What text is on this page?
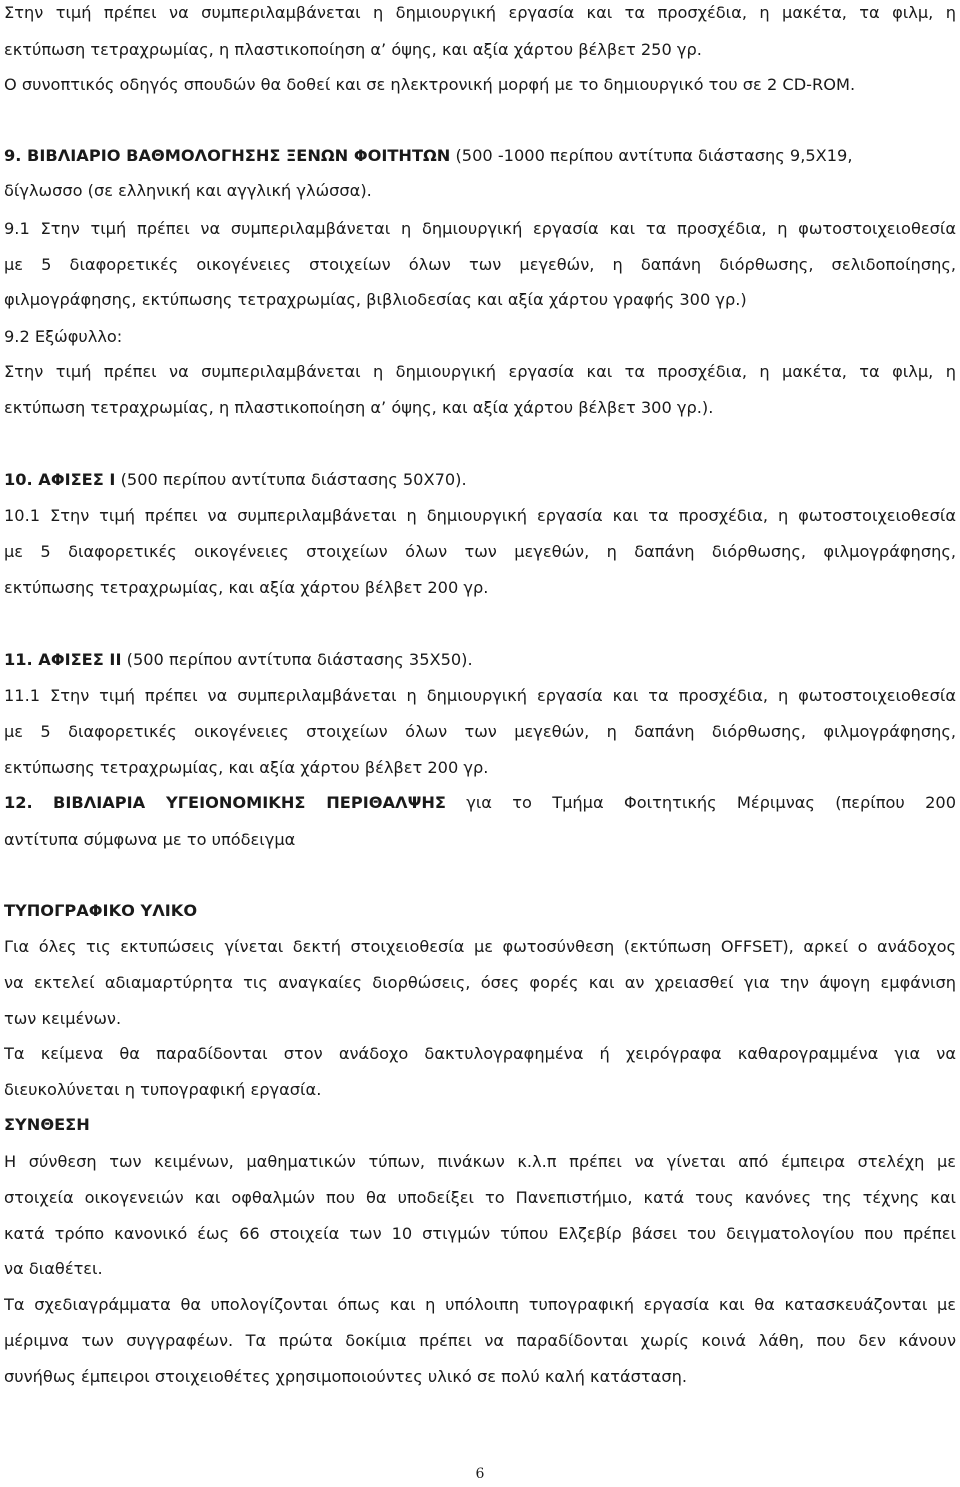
Στην τιμή πρέπει να συμπεριλαμβάνεται η δημιουργική εργασία και τα προσχέδια, η μακέτα, τα φιλμ, η
εκτύπωση τετραχρωμίας, η πλαστικοποίηση α’ όψης, και αξία χάρτου βέλβετ 250 γρ.
Ο συνοπτικός οδηγός σπουδών θα δοθεί και σε ηλεκτρονική μορφή με το δημιουργικό του σε 2 CD-ROM.
9. ΒΙΒΛΙΑΡΙΟ ΒΑΘΜΟΛΟΓΗΣΗΣ ΞΕΝΩΝ ΦΟΙΤΗΤΩΝ (500 -1000 περίπου αντίτυπα διάστασης 9,5Χ19,
δίγλωσσο (σε ελληνική και αγγλική γλώσσα).
9.1 Στην τιμή πρέπει να συμπεριλαμβάνεται η δημιουργική εργασία και τα προσχέδια, η φωτοστοιχειοθεσία
με 5 διαφορετικές οικογένειες στοιχείων όλων των μεγεθών, η δαπάνη διόρθωσης, σελιδοποίησης,
φιλμογράφησης, εκτύπωσης τετραχρωμίας, βιβλιοδεσίας και αξία χάρτου γραφής 300 γρ.)
9.2 Εξώφυλλο:
Στην τιμή πρέπει να συμπεριλαμβάνεται η δημιουργική εργασία και τα προσχέδια, η μακέτα, τα φιλμ, η
εκτύπωση τετραχρωμίας, η πλαστικοποίηση α’ όψης, και αξία χάρτου βέλβετ 300 γρ.).
10. ΑΦΙΣΕΣ Ι (500 περίπου αντίτυπα διάστασης 50Χ70).
10.1 Στην τιμή πρέπει να συμπεριλαμβάνεται η δημιουργική εργασία και τα προσχέδια, η φωτοστοιχειοθεσία
με 5 διαφορετικές οικογένειες στοιχείων όλων των μεγεθών, η δαπάνη διόρθωσης, φιλμογράφησης,
εκτύπωσης τετραχρωμίας, και αξία χάρτου βέλβετ 200 γρ.
11. ΑΦΙΣΕΣ ΙΙ (500 περίπου αντίτυπα διάστασης 35Χ50).
11.1 Στην τιμή πρέπει να συμπεριλαμβάνεται η δημιουργική εργασία και τα προσχέδια, η φωτοστοιχειοθεσία
με 5 διαφορετικές οικογένειες στοιχείων όλων των μεγεθών, η δαπάνη διόρθωσης, φιλμογράφησης,
εκτύπωσης τετραχρωμίας, και αξία χάρτου βέλβετ 200 γρ.
12. ΒΙΒΛΙΑΡΙΑ ΥΓΕΙΟΝΟΜΙΚΗΣ ΠΕΡΙΘΑΛΨΗΣ για το Τμήμα Φοιτητικής Μέριμνας (περίπου 200
αντίτυπα σύμφωνα με το υπόδειγμα
ΤΥΠΟΓΡΑΦΙΚΟ ΥΛΙΚΟ
Για όλες τις εκτυπώσεις γίνεται δεκτή στοιχειοθεσία με φωτοσύνθεση (εκτύπωση OFFSET), αρκεί ο ανάδοχος
να εκτελεί αδιαμαρτύρητα τις αναγκαίες διορθώσεις, όσες φορές και αν χρειασθεί για την άψογη εμφάνιση
των κειμένων.
Τα κείμενα θα παραδίδονται στον ανάδοχο δακτυλογραφημένα ή χειρόγραφα καθαρογραμμένα για να
διευκολύνεται η τυπογραφική εργασία.
ΣΥΝΘΕΣΗ
Η σύνθεση των κειμένων, μαθηματικών τύπων, πινάκων κ.λ.π πρέπει να γίνεται από έμπειρα στελέχη με
στοιχεία οικογενειών και οφθαλμών που θα υποδείξει το Πανεπιστήμιο, κατά τους κανόνες της τέχνης και
κατά τρόπο κανονικό έως 66 στοιχεία των 10 στιγμών τύπου Ελζεβίρ βάσει του δειγματολογίου που πρέπει
να διαθέτει.
Τα σχεδιαγράμματα θα υπολογίζονται όπως και η υπόλοιπη τυπογραφική εργασία και θα κατασκευάζονται με
μέριμνα των συγγραφέων. Τα πρώτα δοκίμια πρέπει να παραδίδονται χωρίς κοινά λάθη, που δεν κάνουν
συνήθως έμπειροι στοιχειοθέτες χρησιμοποιούντες υλικό σε πολύ καλή κατάσταση.
6
